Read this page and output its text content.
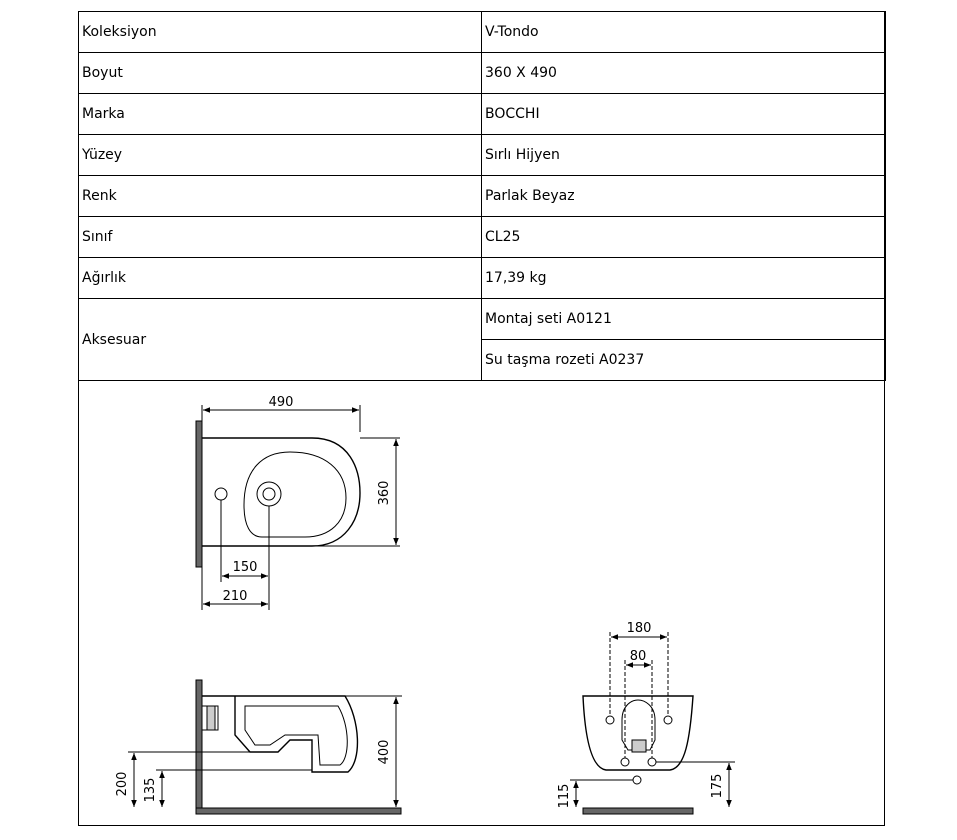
Koleksiyon	V-Tondo
Boyut	360 X 490
Marka	BOCCHI
Yüzey	Sırlı Hijyen
Renk	Parlak Beyaz
Sınıf	CL25
Ağırlık	17,39 kg
Aksesuar	Montaj seti A0121
	Su taşma rozeti A0237
490
360
150
210
400
200 135
180
80
115	175
